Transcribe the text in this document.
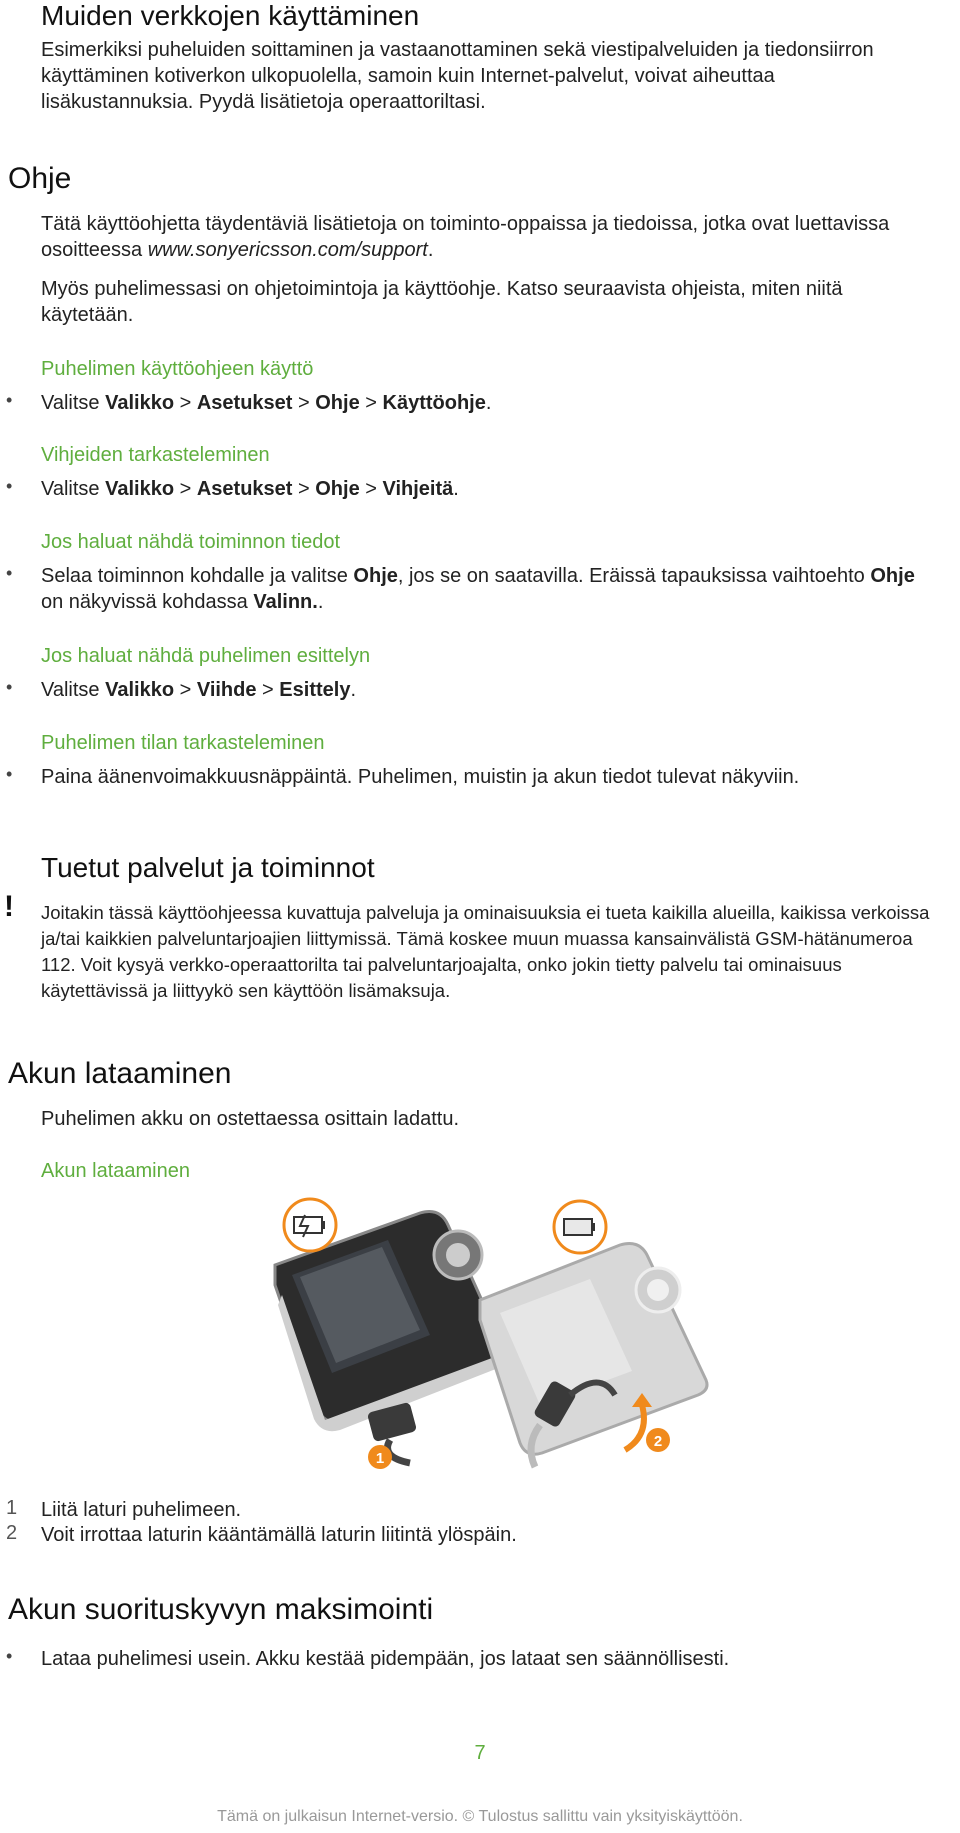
Muiden verkkojen käyttäminen

Esimerkiksi puheluiden soittaminen ja vastaanottaminen sekä viestipalveluiden ja tiedonsiirron käyttäminen kotiverkon ulkopuolella, samoin kuin Internet-palvelut, voivat aiheuttaa lisäkustannuksia. Pyydä lisätietoja operaattoriltasi.

Ohje

Tätä käyttöohjetta täydentäviä lisätietoja on toiminto-oppaissa ja tiedoissa, jotka ovat luettavissa osoitteessa www.sonyericsson.com/support.

Myös puhelimessasi on ohjetoimintoja ja käyttöohje. Katso seuraavista ohjeista, miten niitä käytetään.

Puhelimen käyttöohjeen käyttö
• Valitse Valikko > Asetukset > Ohje > Käyttöohje.

Vihjeiden tarkasteleminen
• Valitse Valikko > Asetukset > Ohje > Vihjeitä.

Jos haluat nähdä toiminnon tiedot
• Selaa toiminnon kohdalle ja valitse Ohje, jos se on saatavilla. Eräissä tapauksissa vaihtoehto Ohje on näkyvissä kohdassa Valinn..

Jos haluat nähdä puhelimen esittelyn
• Valitse Valikko > Viihde > Esittely.

Puhelimen tilan tarkasteleminen
• Paina äänenvoimakkuusnäppäintä. Puhelimen, muistin ja akun tiedot tulevat näkyviin.

Tuetut palvelut ja toiminnot
! Joitakin tässä käyttöohjeessa kuvattuja palveluja ja ominaisuuksia ei tueta kaikilla alueilla, kaikissa verkoissa ja/tai kaikkien palveluntarjoajien liittymissä. Tämä koskee muun muassa kansainvälistä GSM-hätänumeroa 112. Voit kysyä verkko-operaattorilta tai palveluntarjoajalta, onko jokin tietty palvelu tai ominaisuus käytettävissä ja liittyykö sen käyttöön lisämaksuja.

Akun lataaminen

Puhelimen akku on ostettaessa osittain ladattu.

Akun lataaminen
1
2
1 Liitä laturi puhelimeen.

2 Voit irrottaa laturin kääntämällä laturin liitintä ylöspäin.

Akun suorituskyvyn maksimointi
• Lataa puhelimesi usein. Akku kestää pidempään, jos lataat sen säännöllisesti.

7
Tämä on julkaisun Internet-versio. © Tulostus sallittu vain yksityiskäyttöön.
